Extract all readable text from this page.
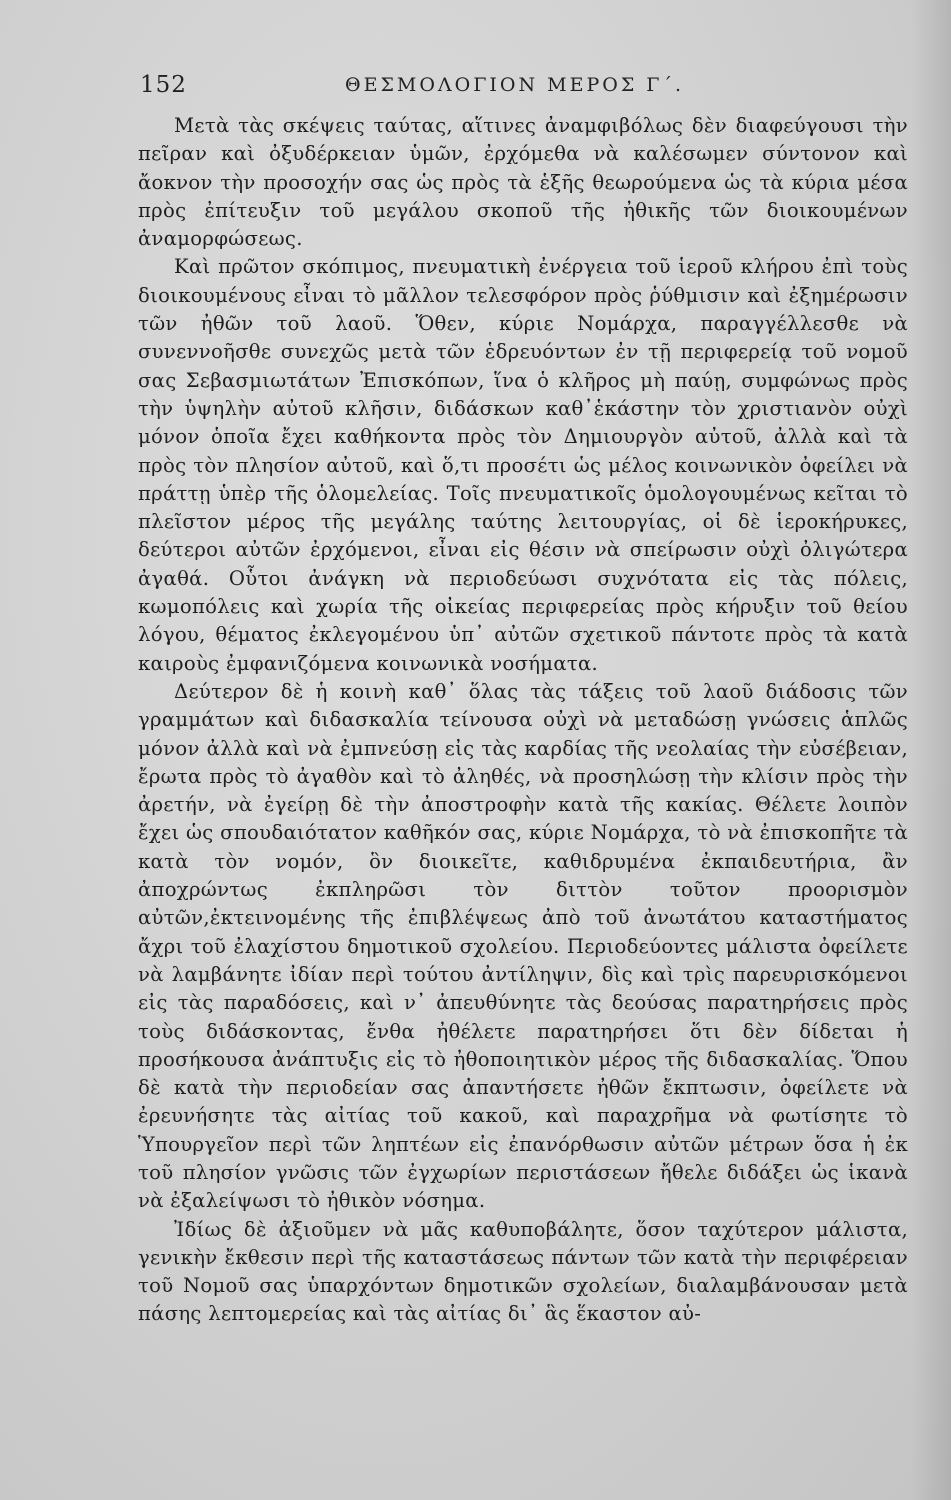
152	ΘΕΣΜΟΛΟΓΙΟΝ ΜΕΡΟΣ Γ΄.

Μετὰ τὰς σκέψεις ταύτας, αἵτινες ἀναμφιβόλως δὲν διαφεύγουσι τὴν πεῖραν καὶ ὀξυδέρκειαν ὑμῶν, ἐρχόμεθα νὰ καλέσωμεν σύντονον καὶ ἄοκνον τὴν προσοχήν σας ὡς πρὸς τὰ ἑξῆς θεωρούμενα ὡς τὰ κύρια μέσα πρὸς ἐπίτευξιν τοῦ μεγάλου σκοποῦ τῆς ἠθικῆς τῶν διοικουμένων ἀναμορφώσεως.

Καὶ πρῶτον σκόπιμος, πνευματικὴ ἐνέργεια τοῦ ἱεροῦ κλήρου ἐπὶ τοὺς διοικουμένους εἶναι τὸ μᾶλλον τελεσφόρον πρὸς ῥύθμισιν καὶ ἐξημέρωσιν τῶν ἠθῶν τοῦ λαοῦ. Ὅθεν, κύριε Νομάρχα, παραγγέλλεσθε νὰ συνεννοῆσθε συνεχῶς μετὰ τῶν ἑδρευόντων ἐν τῇ περιφερείᾳ τοῦ νομοῦ σας Σεβασμιωτάτων Ἐπισκόπων, ἵνα ὁ κλῆρος μὴ παύῃ, συμφώνως πρὸς τὴν ὑψηλὴν αὐτοῦ κλῆσιν, διδάσκων καθ᾽ἑκάστην τὸν χριστιανὸν οὐχὶ μόνον ὁποῖα ἔχει καθήκοντα πρὸς τὸν Δημιουργὸν αὐτοῦ, ἀλλὰ καὶ τὰ πρὸς τὸν πλησίον αὐτοῦ, καὶ ὅ,τι προσέτι ὡς μέλος κοινωνικὸν ὀφείλει νὰ πράττῃ ὑπὲρ τῆς ὁλομελείας. Τοῖς πνευματικοῖς ὁμολογουμένως κεῖται τὸ πλεῖστον μέρος τῆς μεγάλης ταύτης λειτουργίας, οἱ δὲ ἱεροκήρυκες, δεύτεροι αὐτῶν ἐρχόμενοι, εἶναι εἰς θέσιν νὰ σπείρωσιν οὐχὶ ὀλιγώτερα ἀγαθά. Οὗτοι ἀνάγκη νὰ περιοδεύωσι συχνότατα εἰς τὰς πόλεις, κωμοπόλεις καὶ χωρία τῆς οἰκείας περιφερείας πρὸς κήρυξιν τοῦ θείου λόγου, θέματος ἐκλεγομένου ὑπ᾽ αὐτῶν σχετικοῦ πάντοτε πρὸς τὰ κατὰ καιροὺς ἐμφανιζόμενα κοινωνικὰ νοσήματα.

Δεύτερον δὲ ἡ κοινὴ καθ᾽ ὅλας τὰς τάξεις τοῦ λαοῦ διάδοσις τῶν γραμμάτων καὶ διδασκαλία τείνουσα οὐχὶ νὰ μεταδώσῃ γνώσεις ἁπλῶς μόνον ἀλλὰ καὶ νὰ ἐμπνεύσῃ εἰς τὰς καρδίας τῆς νεολαίας τὴν εὐσέβειαν, ἔρωτα πρὸς τὸ ἀγαθὸν καὶ τὸ ἀληθές, νὰ προσηλώσῃ τὴν κλίσιν πρὸς τὴν ἀρετήν, νὰ ἐγείρῃ δὲ τὴν ἀποστροφὴν κατὰ τῆς κακίας. Θέλετε λοιπὸν ἔχει ὡς σπουδαιότατον καθῆκόν σας, κύριε Νομάρχα, τὸ νὰ ἐπισκοπῆτε τὰ κατὰ τὸν νομόν, ὃν διοικεῖτε, καθιδρυμένα ἐκπαιδευτήρια, ἂν ἀποχρώντως ἐκπληρῶσι τὸν διττὸν τοῦτον προορισμὸν αὐτῶν,ἐκτεινομένης τῆς ἐπιβλέψεως ἀπὸ τοῦ ἀνωτάτου καταστήματος ἄχρι τοῦ ἐλαχίστου δημοτικοῦ σχολείου. Περιοδεύοντες μάλιστα ὀφείλετε νὰ λαμβάνητε ἰδίαν περὶ τούτου ἀντίληψιν, δὶς καὶ τρὶς παρευρισκόμενοι εἰς τὰς παραδόσεις, καὶ ν᾽ ἀπευθύνητε τὰς δεούσας παρατηρήσεις πρὸς τοὺς διδάσκοντας, ἔνθα ἠθέλετε παρατηρήσει ὅτι δὲν δίδεται ἡ προσήκουσα ἀνάπτυξις εἰς τὸ ἠθοποιητικὸν μέρος τῆς διδασκαλίας. Ὅπου δὲ κατὰ τὴν περιοδείαν σας ἀπαντήσετε ἠθῶν ἔκπτωσιν, ὀφείλετε νὰ ἐρευνήσητε τὰς αἰτίας τοῦ κακοῦ, καὶ παραχρῆμα νὰ φωτίσητε τὸ Ὑπουργεῖον περὶ τῶν ληπτέων εἰς ἐπανόρθωσιν αὐτῶν μέτρων ὅσα ἡ ἐκ τοῦ πλησίον γνῶσις τῶν ἐγχωρίων περιστάσεων ἤθελε διδάξει ὡς ἱκανὰ νὰ ἐξαλείψωσι τὸ ἠθικὸν νόσημα.

Ἰδίως δὲ ἀξιοῦμεν νὰ μᾶς καθυποβάλητε, ὅσον ταχύτερον μάλιστα, γενικὴν ἔκθεσιν περὶ τῆς καταστάσεως πάντων τῶν κατὰ τὴν περιφέρειαν τοῦ Νομοῦ σας ὑπαρχόντων δημοτικῶν σχολείων, διαλαμβάνουσαν μετὰ πάσης λεπτομερείας καὶ τὰς αἰτίας δι᾽ ἃς ἕκαστον αὐ-
